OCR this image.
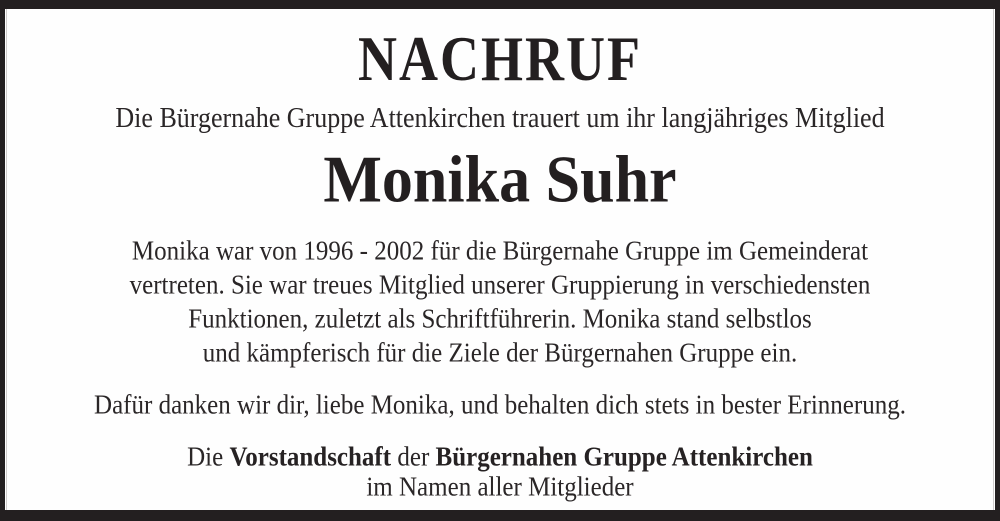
NACHRUF

Die Bürgernahe Gruppe Attenkirchen trauert um ihr langjähriges Mitglied

Monika Suhr
Monika war von 1996 - 2002 für die Bürgernahe Gruppe im Gemeinderat
vertreten. Sie war treues Mitglied unserer Gruppierung in verschiedensten
Funktionen, zuletzt als Schriftführerin. Monika stand selbstlos
und kämpferisch für die Ziele der Bürgernahen Gruppe ein.

Dafür danken wir dir, liebe Monika, und behalten dich stets in bester Erinnerung.

Die Vorstandschaft der Bürgernahen Gruppe Attenkirchen

im Namen aller Mitglieder
